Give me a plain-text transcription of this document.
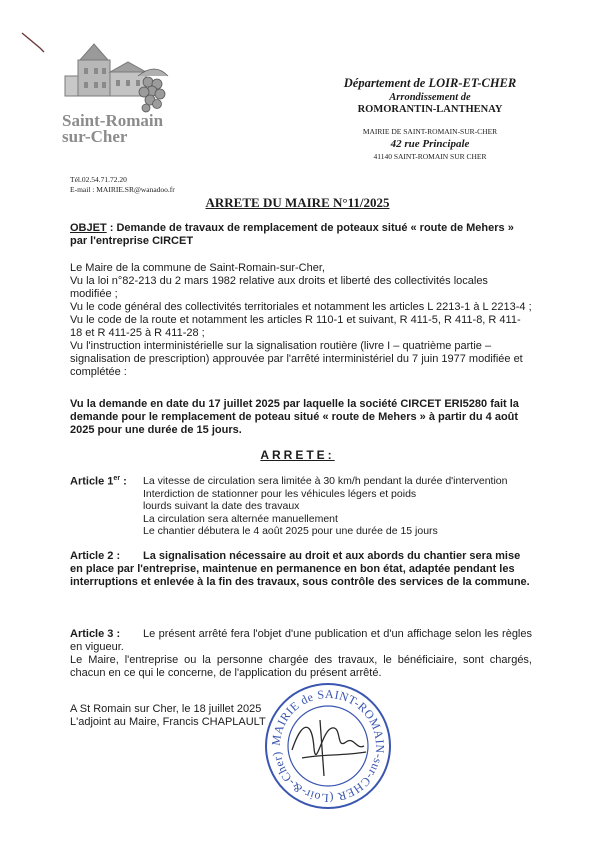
Saint-Romain
sur-Cher
Département de LOIR-ET-CHER
Arrondissement de
ROMORANTIN-LANTHENAY
MAIRIE DE SAINT-ROMAIN-SUR-CHER
42 rue Principale
41140 SAINT-ROMAIN SUR CHER
Tél.02.54.71.72.20
E-mail : MAIRIE.SR@wanadoo.fr
ARRETE DU MAIRE N°11/2025
OBJET : Demande de travaux de remplacement de poteaux situé « route de Mehers » par l'entreprise CIRCET

Le Maire de la commune de Saint-Romain-sur-Cher,

Vu la loi n°82-213 du 2 mars 1982 relative aux droits et liberté des collectivités locales modifiée ;

Vu le code général des collectivités territoriales et notamment les articles L 2213-1 à L 2213-4 ;

Vu le code de la route et notamment les articles R 110-1 et suivant, R 411-5, R 411-8, R 411-18 et R 411-25 à R 411-28 ;

Vu l'instruction interministérielle sur la signalisation routière (livre I – quatrième partie – signalisation de prescription) approuvée par l'arrêté interministériel du 7 juin 1977 modifiée et complétée :

Vu la demande en date du 17 juillet 2025 par laquelle la société CIRCET ERI5280 fait la demande pour le remplacement de poteau situé « route de Mehers » à partir du 4 août 2025 pour une durée de 15 jours.
ARRETE:
Article 1er : La vitesse de circulation sera limitée à 30 km/h pendant la durée d'intervention
Interdiction de stationner pour les véhicules légers et poids
lourds suivant la date des travaux
La circulation sera alternée manuellement
Le chantier débutera le 4 août 2025 pour une durée de 15 jours
Article 2 : La signalisation nécessaire au droit et aux abords du chantier sera mise en place par l'entreprise, maintenue en permanence en bon état, adaptée pendant les interruptions et enlevée à la fin des travaux, sous contrôle des services de la commune.

Article 3 : Le présent arrêté fera l'objet d'une publication et d'un affichage selon les règles en vigueur.

Le Maire, l'entreprise ou la personne chargée des travaux, le bénéficiaire, sont chargés, chacun en ce qui le concerne, de l'application du présent arrêté.

A St Romain sur Cher, le 18 juillet 2025
L'adjoint au Maire, Francis CHAPLAULT
MAIRIE de SAINT-ROMAIN-sur-CHER (Loir-&-Cher)
